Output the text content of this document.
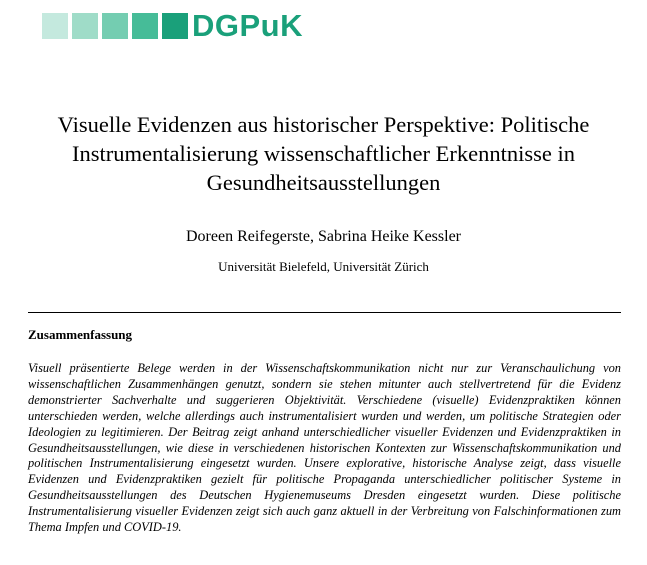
DGPuK
Visuelle Evidenzen aus historischer Perspektive: Politische
Instrumentalisierung wissenschaftlicher Erkenntnisse in
Gesundheitsausstellungen

Doreen Reifegerste, Sabrina Heike Kessler

Universität Bielefeld, Universität Zürich

Zusammenfassung

Visuell präsentierte Belege werden in der Wissenschaftskommunikation nicht nur zur Veranschaulichung von wissenschaftlichen Zusammenhängen genutzt, sondern sie stehen mitunter auch stellvertretend für die Evidenz demonstrierter Sachverhalte und suggerieren Objektivität. Verschiedene (visuelle) Evidenzpraktiken können unterschieden werden, welche allerdings auch instrumentalisiert wurden und werden, um politische Strategien oder Ideologien zu legitimieren. Der Beitrag zeigt anhand unterschiedlicher visueller Evidenzen und Evidenzpraktiken in Gesundheitsausstellungen, wie diese in verschiedenen historischen Kontexten zur Wissenschaftskommunikation und politischen Instrumentalisierung eingesetzt wurden. Unsere explorative, historische Analyse zeigt, dass visuelle Evidenzen und Evidenzpraktiken gezielt für politische Propaganda unterschiedlicher politischer Systeme in Gesundheitsausstellungen des Deutschen Hygienemuseums Dresden eingesetzt wurden. Diese politische Instrumentalisierung visueller Evidenzen zeigt sich auch ganz aktuell in der Verbreitung von Falschinformationen zum Thema Impfen und COVID-19.
